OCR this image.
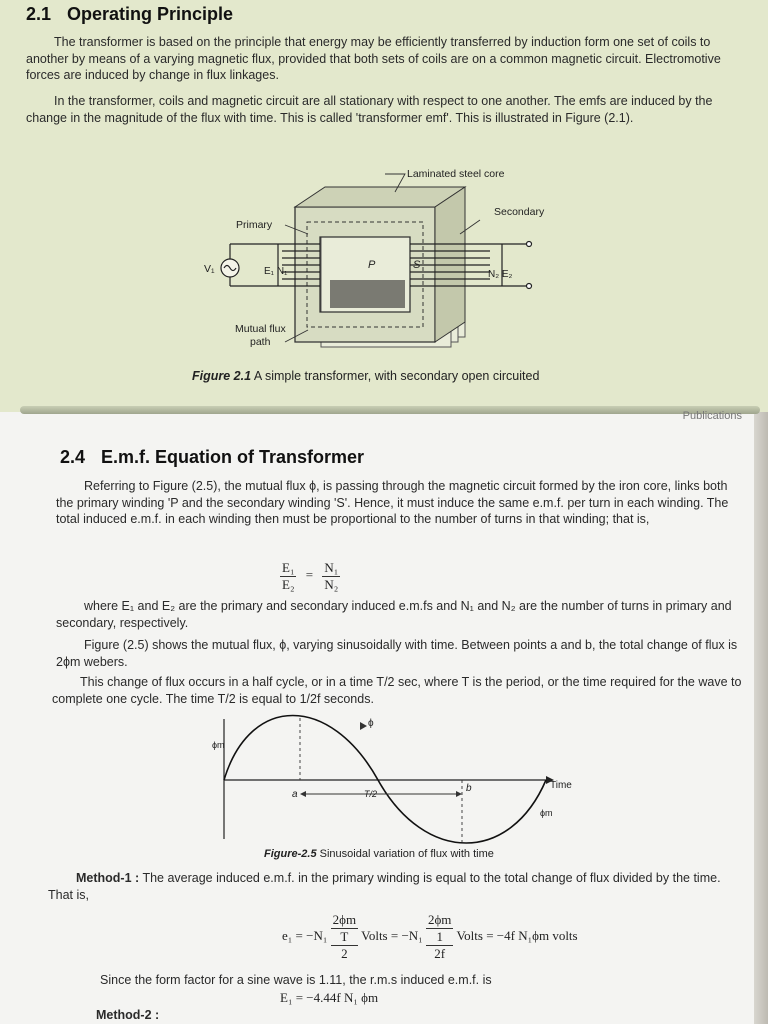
Publications
2.1 Operating Principle

The transformer is based on the principle that energy may be efficiently transferred by induction form one set of coils to another by means of a varying magnetic flux, provided that both sets of coils are on a common magnetic circuit. Electromotive forces are induced by change in flux linkages.

In the transformer, coils and magnetic circuit are all stationary with respect to one another. The emfs are induced by the change in the magnitude of the flux with time. This is called 'transformer emf'. This is illustrated in Figure (2.1).

Laminated steel core
Secondary
Primary
V₁	E₁ N₁
P	S
N₂ E₂
Mutual flux
path
Figure 2.1 A simple transformer, with secondary open circuited
2.4 E.m.f. Equation of Transformer

Referring to Figure (2.5), the mutual flux ϕ, is passing through the magnetic circuit formed by the iron core, links both the primary winding 'P and the secondary winding 'S'. Hence, it must induce the same e.m.f. per turn in each winding. The total induced e.m.f. in each winding then must be proportional to the number of turns in that winding; that is,

$\frac{\text{E₁}}{\text{E₂}} = \frac{\text{N₁}}{\text{N₂}}$

where E₁ and E₂ are the primary and secondary induced e.m.fs and N₁ and N₂ are the number of turns in primary and secondary, respectively.

Figure (2.5) shows the mutual flux, ϕ, varying sinusoidally with time. Between points a and b, the total change of flux is 2ϕm webers.

This change of flux occurs in a half cycle, or in a time T/2 sec, where T is the period, or the time required for the wave to complete one cycle. The time T/2 is equal to 1/2f seconds.

ϕ
ϕm
a	T/2	b	Time
ϕm
Figure-2.5 Sinusoidal variation of flux with time

Method-1 : The average induced e.m.f. in the primary winding is equal to the total change of flux divided by the time. That is,

e₁ = −N₁
2ϕm
T
2
Volts = −N₁
2ϕm
1
2f
Volts = −4f N₁ϕm volts

Since the form factor for a sine wave is 1.11, the r.m.s induced e.m.f. is

E₁ = −4.44f N₁ ϕm
Method-2 :
